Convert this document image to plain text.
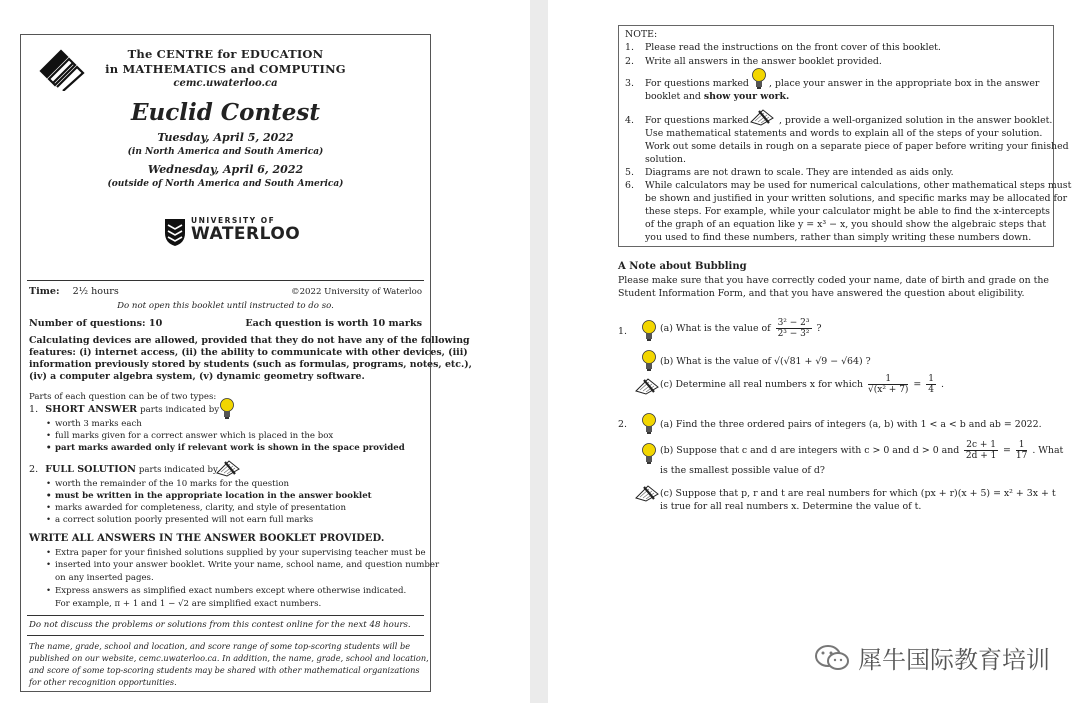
The CENTRE for EDUCATION
in MATHEMATICS and COMPUTING
cemc.uwaterloo.ca
Euclid Contest
Tuesday, April 5, 2022
(in North America and South America)
Wednesday, April 6, 2022
(outside of North America and South America)
UNIVERSITY OF
WATERLOO
Time: 2½ hours	©2022 University of Waterloo
Do not open this booklet until instructed to do so.
Number of questions: 10	Each question is worth 10 marks
Calculating devices are allowed, provided that they do not have any of the following
features: (i) internet access, (ii) the ability to communicate with other devices, (iii)
information previously stored by students (such as formulas, programs, notes, etc.),
(iv) a computer algebra system, (v) dynamic geometry software.
Parts of each question can be of two types:
1. SHORT ANSWER parts indicated by
• worth 3 marks each
• full marks given for a correct answer which is placed in the box
• part marks awarded only if relevant work is shown in the space provided
2. FULL SOLUTION parts indicated by
• worth the remainder of the 10 marks for the question
• must be written in the appropriate location in the answer booklet
• marks awarded for completeness, clarity, and style of presentation
• a correct solution poorly presented will not earn full marks
WRITE ALL ANSWERS IN THE ANSWER BOOKLET PROVIDED.
• Extra paper for your finished solutions supplied by your supervising teacher must be
• inserted into your answer booklet. Write your name, school name, and question number
on any inserted pages.
• Express answers as simplified exact numbers except where otherwise indicated.
For example, π + 1 and 1 − √2 are simplified exact numbers.
Do not discuss the problems or solutions from this contest online for the next 48 hours.
The name, grade, school and location, and score range of some top-scoring students will be
published on our website, cemc.uwaterloo.ca. In addition, the name, grade, school and location,
and score of some top-scoring students may be shared with other mathematical organizations
for other recognition opportunities.
NOTE:
1. Please read the instructions on the front cover of this booklet.
2. Write all answers in the answer booklet provided.
3. For questions marked , place your answer in the appropriate box in the answer
booklet and show your work.
4. For questions marked	, provide a well-organized solution in the answer booklet.
Use mathematical statements and words to explain all of the steps of your solution.
Work out some details in rough on a separate piece of paper before writing your finished
solution.
5. Diagrams are not drawn to scale. They are intended as aids only.
6. While calculators may be used for numerical calculations, other mathematical steps must
be shown and justified in your written solutions, and specific marks may be allocated for
these steps. For example, while your calculator might be able to find the x-intercepts
of the graph of an equation like y = x³ − x, you should show the algebraic steps that
you used to find these numbers, rather than simply writing these numbers down.
A Note about Bubbling
Please make sure that you have correctly coded your name, date of birth and grade on the
Student Information Form, and that you have answered the question about eligibility.
1.	(a) What is the value of $\frac{\text{3² − 2³}}{\text{2³ − 3²}}$ ?
(b) What is the value of √(√81 + √9 − √64) ?
(c) Determine all real numbers x for which $\frac{1}{\text{√(x² + 7)}} = \frac{1}{4}$ .
2.	(a) Find the three ordered pairs of integers (a, b) with 1 < a < b and ab = 2022.
(b) Suppose that c and d are integers with c > 0 and d > 0 and $\frac{2c + 1}{2d + 1} = \frac{1}{17}$ . What
is the smallest possible value of d?
(c) Suppose that p, r and t are real numbers for which (px + r)(x + 5) = x² + 3x + t
is true for all real numbers x. Determine the value of t.
犀牛国际教育培训
